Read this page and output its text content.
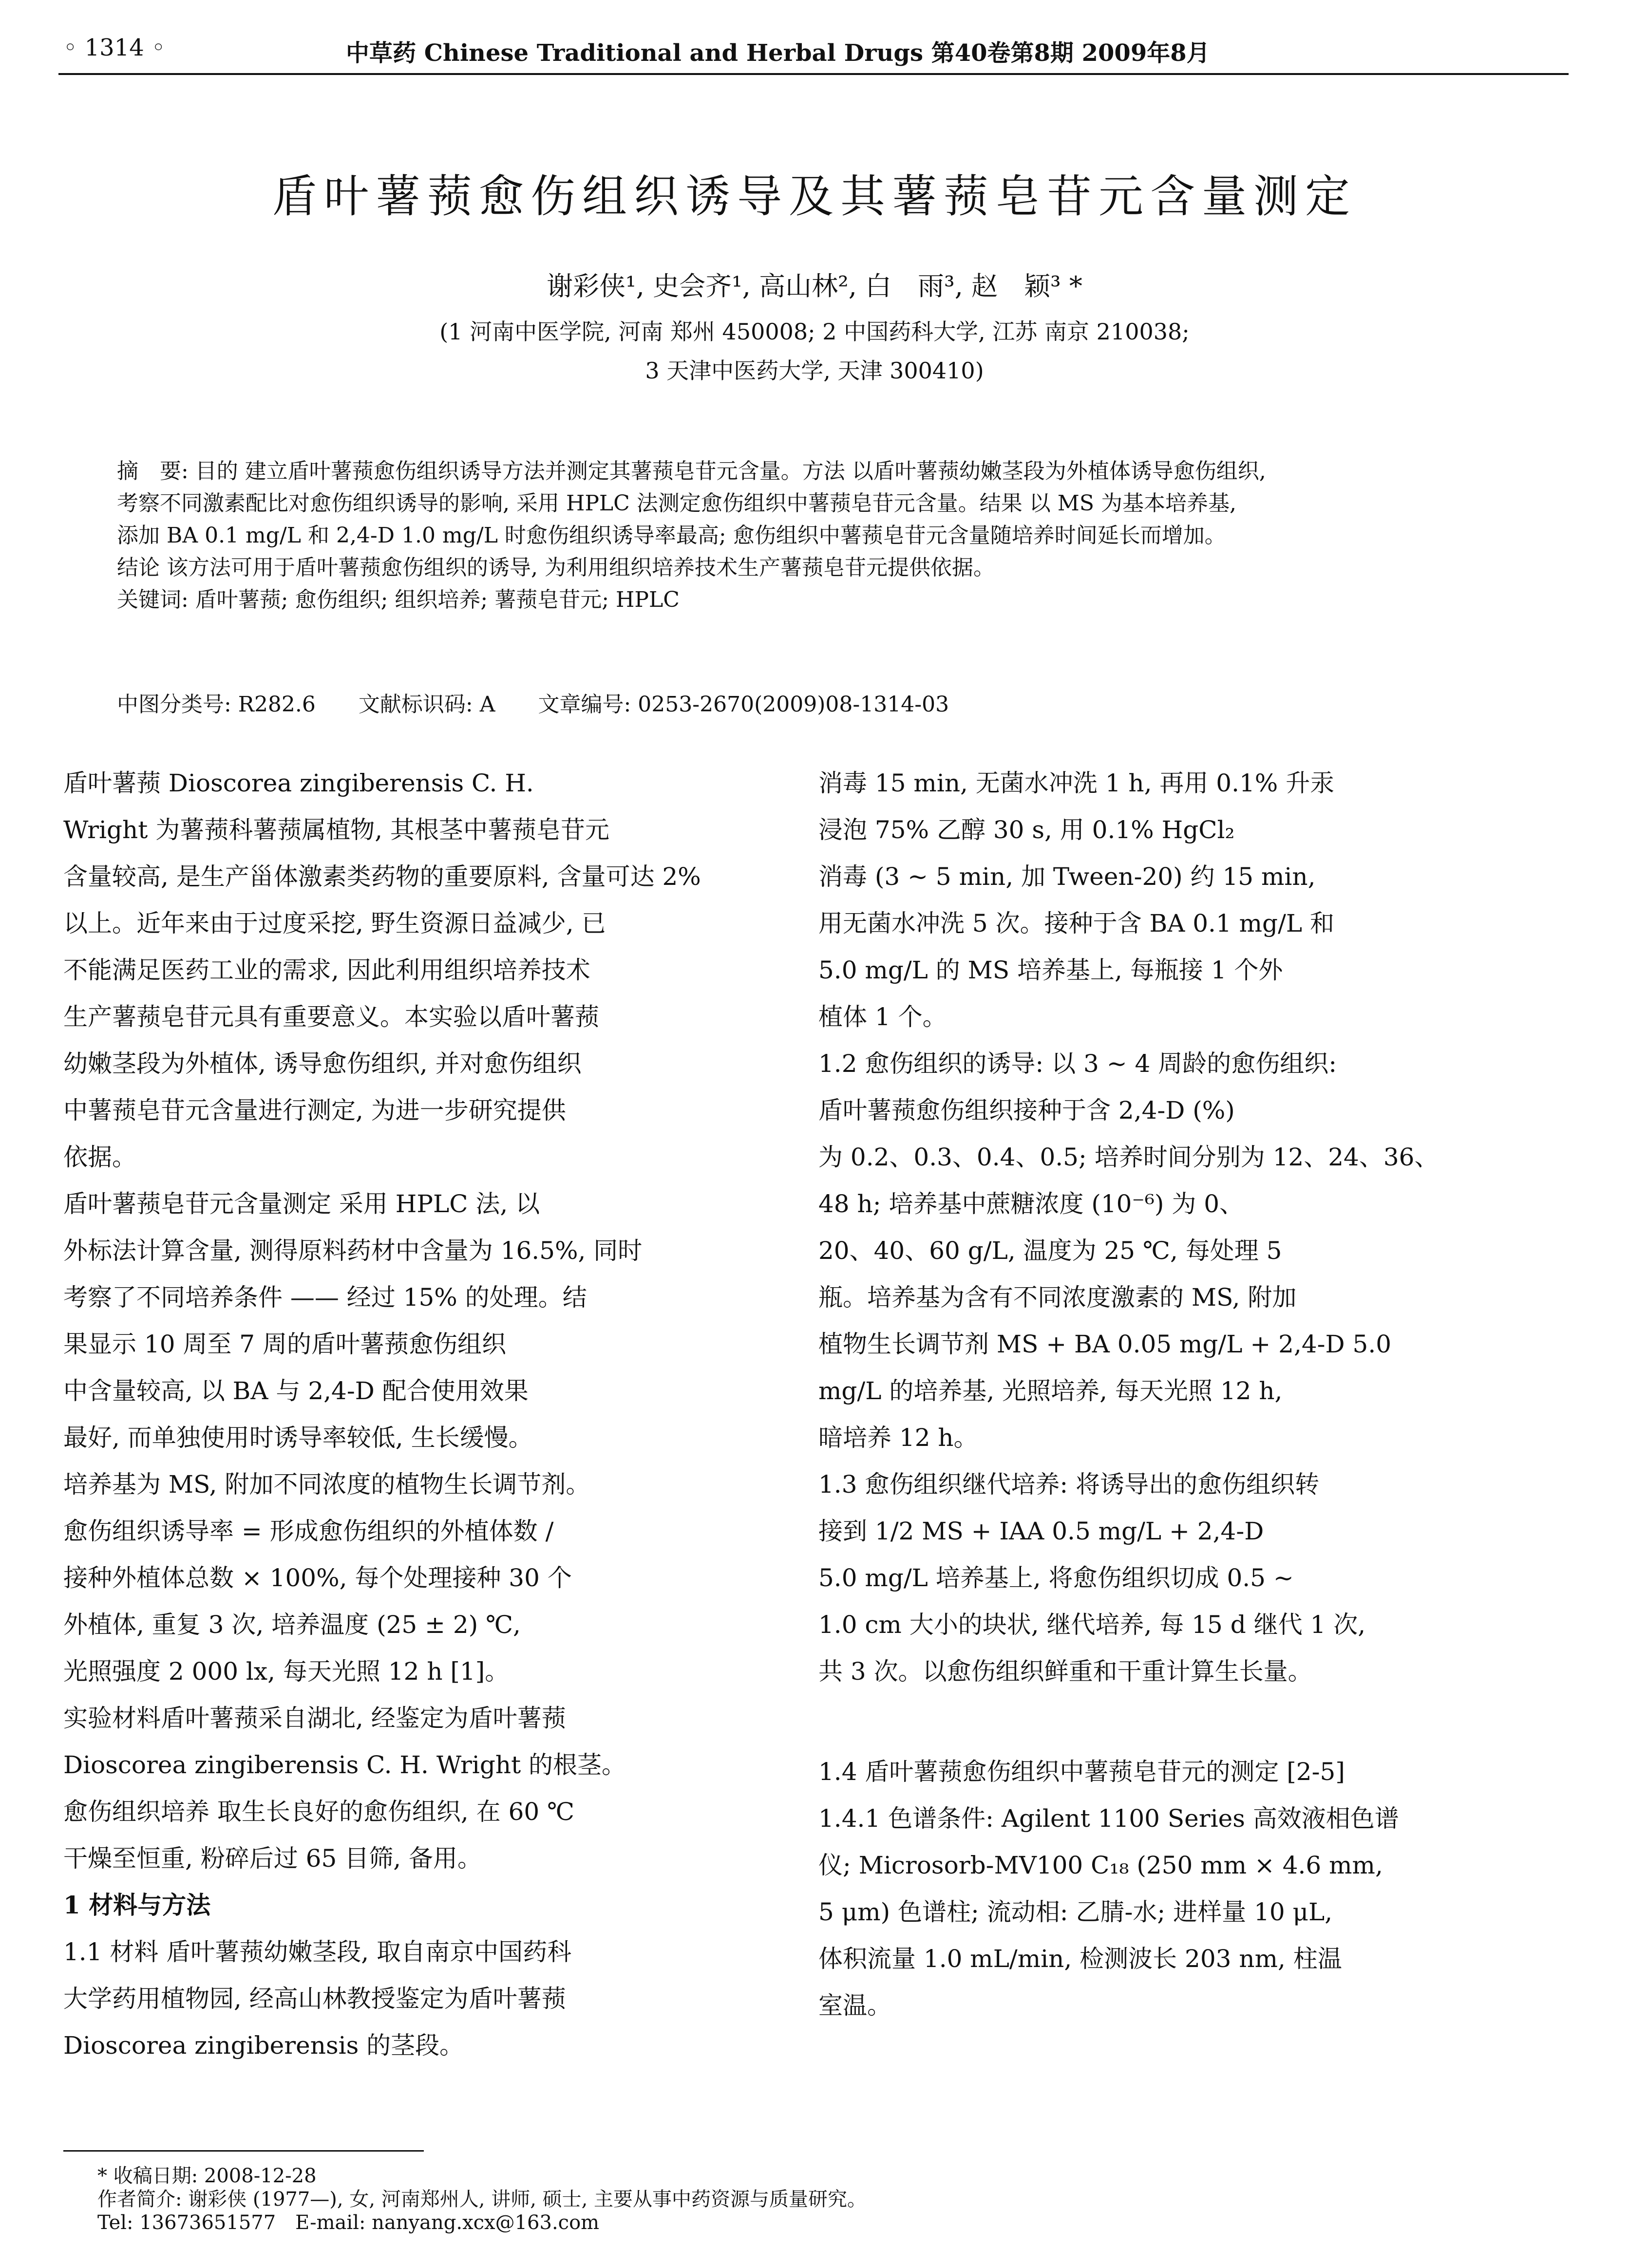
◦ 1314 ◦	中草药 Chinese Traditional and Herbal Drugs 第40卷第8期 2009年8月
盾叶薯蓣愈伤组织诱导及其薯蓣皂苷元含量测定
谢彩侠¹, 史会齐¹, 高山林², 白　雨³, 赵　颖³ *
(1 河南中医学院, 河南 郑州 450008; 2 中国药科大学, 江苏 南京 210038;
3 天津中医药大学, 天津 300410)
摘　要: 目的 建立盾叶薯蓣愈伤组织诱导方法并测定其薯蓣皂苷元含量。方法 以盾叶薯蓣幼嫩茎段为外植体诱导愈伤组织,
考察不同激素配比对愈伤组织诱导的影响, 采用 HPLC 法测定愈伤组织中薯蓣皂苷元含量。结果 以 MS 为基本培养基,
添加 BA 0.1 mg/L 和 2,4-D 1.0 mg/L 时愈伤组织诱导率最高; 愈伤组织中薯蓣皂苷元含量随培养时间延长而增加。
结论 该方法可用于盾叶薯蓣愈伤组织的诱导, 为利用组织培养技术生产薯蓣皂苷元提供依据。
关键词: 盾叶薯蓣; 愈伤组织; 组织培养; 薯蓣皂苷元; HPLC
中图分类号: R282.6　　文献标识码: A　　文章编号: 0253-2670(2009)08-1314-03

盾叶薯蓣 Dioscorea zingiberensis C. H.

Wright 为薯蓣科薯蓣属植物, 其根茎中薯蓣皂苷元

含量较高, 是生产甾体激素类药物的重要原料, 含量可达 2%

以上。近年来由于过度采挖, 野生资源日益减少, 已

不能满足医药工业的需求, 因此利用组织培养技术

生产薯蓣皂苷元具有重要意义。本实验以盾叶薯蓣

幼嫩茎段为外植体, 诱导愈伤组织, 并对愈伤组织

中薯蓣皂苷元含量进行测定, 为进一步研究提供

依据。

盾叶薯蓣皂苷元含量测定 采用 HPLC 法, 以

外标法计算含量, 测得原料药材中含量为 16.5%, 同时

考察了不同培养条件 —— 经过 15% 的处理。结

果显示 10 周至 7 周的盾叶薯蓣愈伤组织

中含量较高, 以 BA 与 2,4-D 配合使用效果

最好, 而单独使用时诱导率较低, 生长缓慢。

培养基为 MS, 附加不同浓度的植物生长调节剂。

愈伤组织诱导率 = 形成愈伤组织的外植体数 /

接种外植体总数 × 100%, 每个处理接种 30 个

外植体, 重复 3 次, 培养温度 (25 ± 2) ℃,

光照强度 2 000 lx, 每天光照 12 h [1]。

实验材料盾叶薯蓣采自湖北, 经鉴定为盾叶薯蓣

Dioscorea zingiberensis C. H. Wright 的根茎。

愈伤组织培养 取生长良好的愈伤组织, 在 60 ℃

干燥至恒重, 粉碎后过 65 目筛, 备用。

1 材料与方法

1.1 材料 盾叶薯蓣幼嫩茎段, 取自南京中国药科

大学药用植物园, 经高山林教授鉴定为盾叶薯蓣

Dioscorea zingiberensis 的茎段。

消毒 15 min, 无菌水冲洗 1 h, 再用 0.1% 升汞

浸泡 75% 乙醇 30 s, 用 0.1% HgCl₂

消毒 (3 ~ 5 min, 加 Tween-20) 约 15 min,

用无菌水冲洗 5 次。接种于含 BA 0.1 mg/L 和

5.0 mg/L 的 MS 培养基上, 每瓶接 1 个外

植体 1 个。

1.2 愈伤组织的诱导: 以 3 ~ 4 周龄的愈伤组织:

盾叶薯蓣愈伤组织接种于含 2,4-D (%)

为 0.2、0.3、0.4、0.5; 培养时间分别为 12、24、36、

48 h; 培养基中蔗糖浓度 (10⁻⁶) 为 0、

20、40、60 g/L, 温度为 25 ℃, 每处理 5

瓶。培养基为含有不同浓度激素的 MS, 附加

植物生长调节剂 MS + BA 0.05 mg/L + 2,4-D 5.0

mg/L 的培养基, 光照培养, 每天光照 12 h,

暗培养 12 h。

1.3 愈伤组织继代培养: 将诱导出的愈伤组织转

接到 1/2 MS + IAA 0.5 mg/L + 2,4-D

5.0 mg/L 培养基上, 将愈伤组织切成 0.5 ~

1.0 cm 大小的块状, 继代培养, 每 15 d 继代 1 次,

共 3 次。以愈伤组织鲜重和干重计算生长量。

1.4 盾叶薯蓣愈伤组织中薯蓣皂苷元的测定 [2-5]

1.4.1 色谱条件: Agilent 1100 Series 高效液相色谱

仪; Microsorb-MV100 C₁₈ (250 mm × 4.6 mm,

5 μm) 色谱柱; 流动相: 乙腈-水; 进样量 10 μL,

体积流量 1.0 mL/min, 检测波长 203 nm, 柱温

室温。

* 收稿日期: 2008-12-28
作者简介: 谢彩侠 (1977—), 女, 河南郑州人, 讲师, 硕士, 主要从事中药资源与质量研究。
Tel: 13673651577　E-mail: nanyang.xcx@163.com
